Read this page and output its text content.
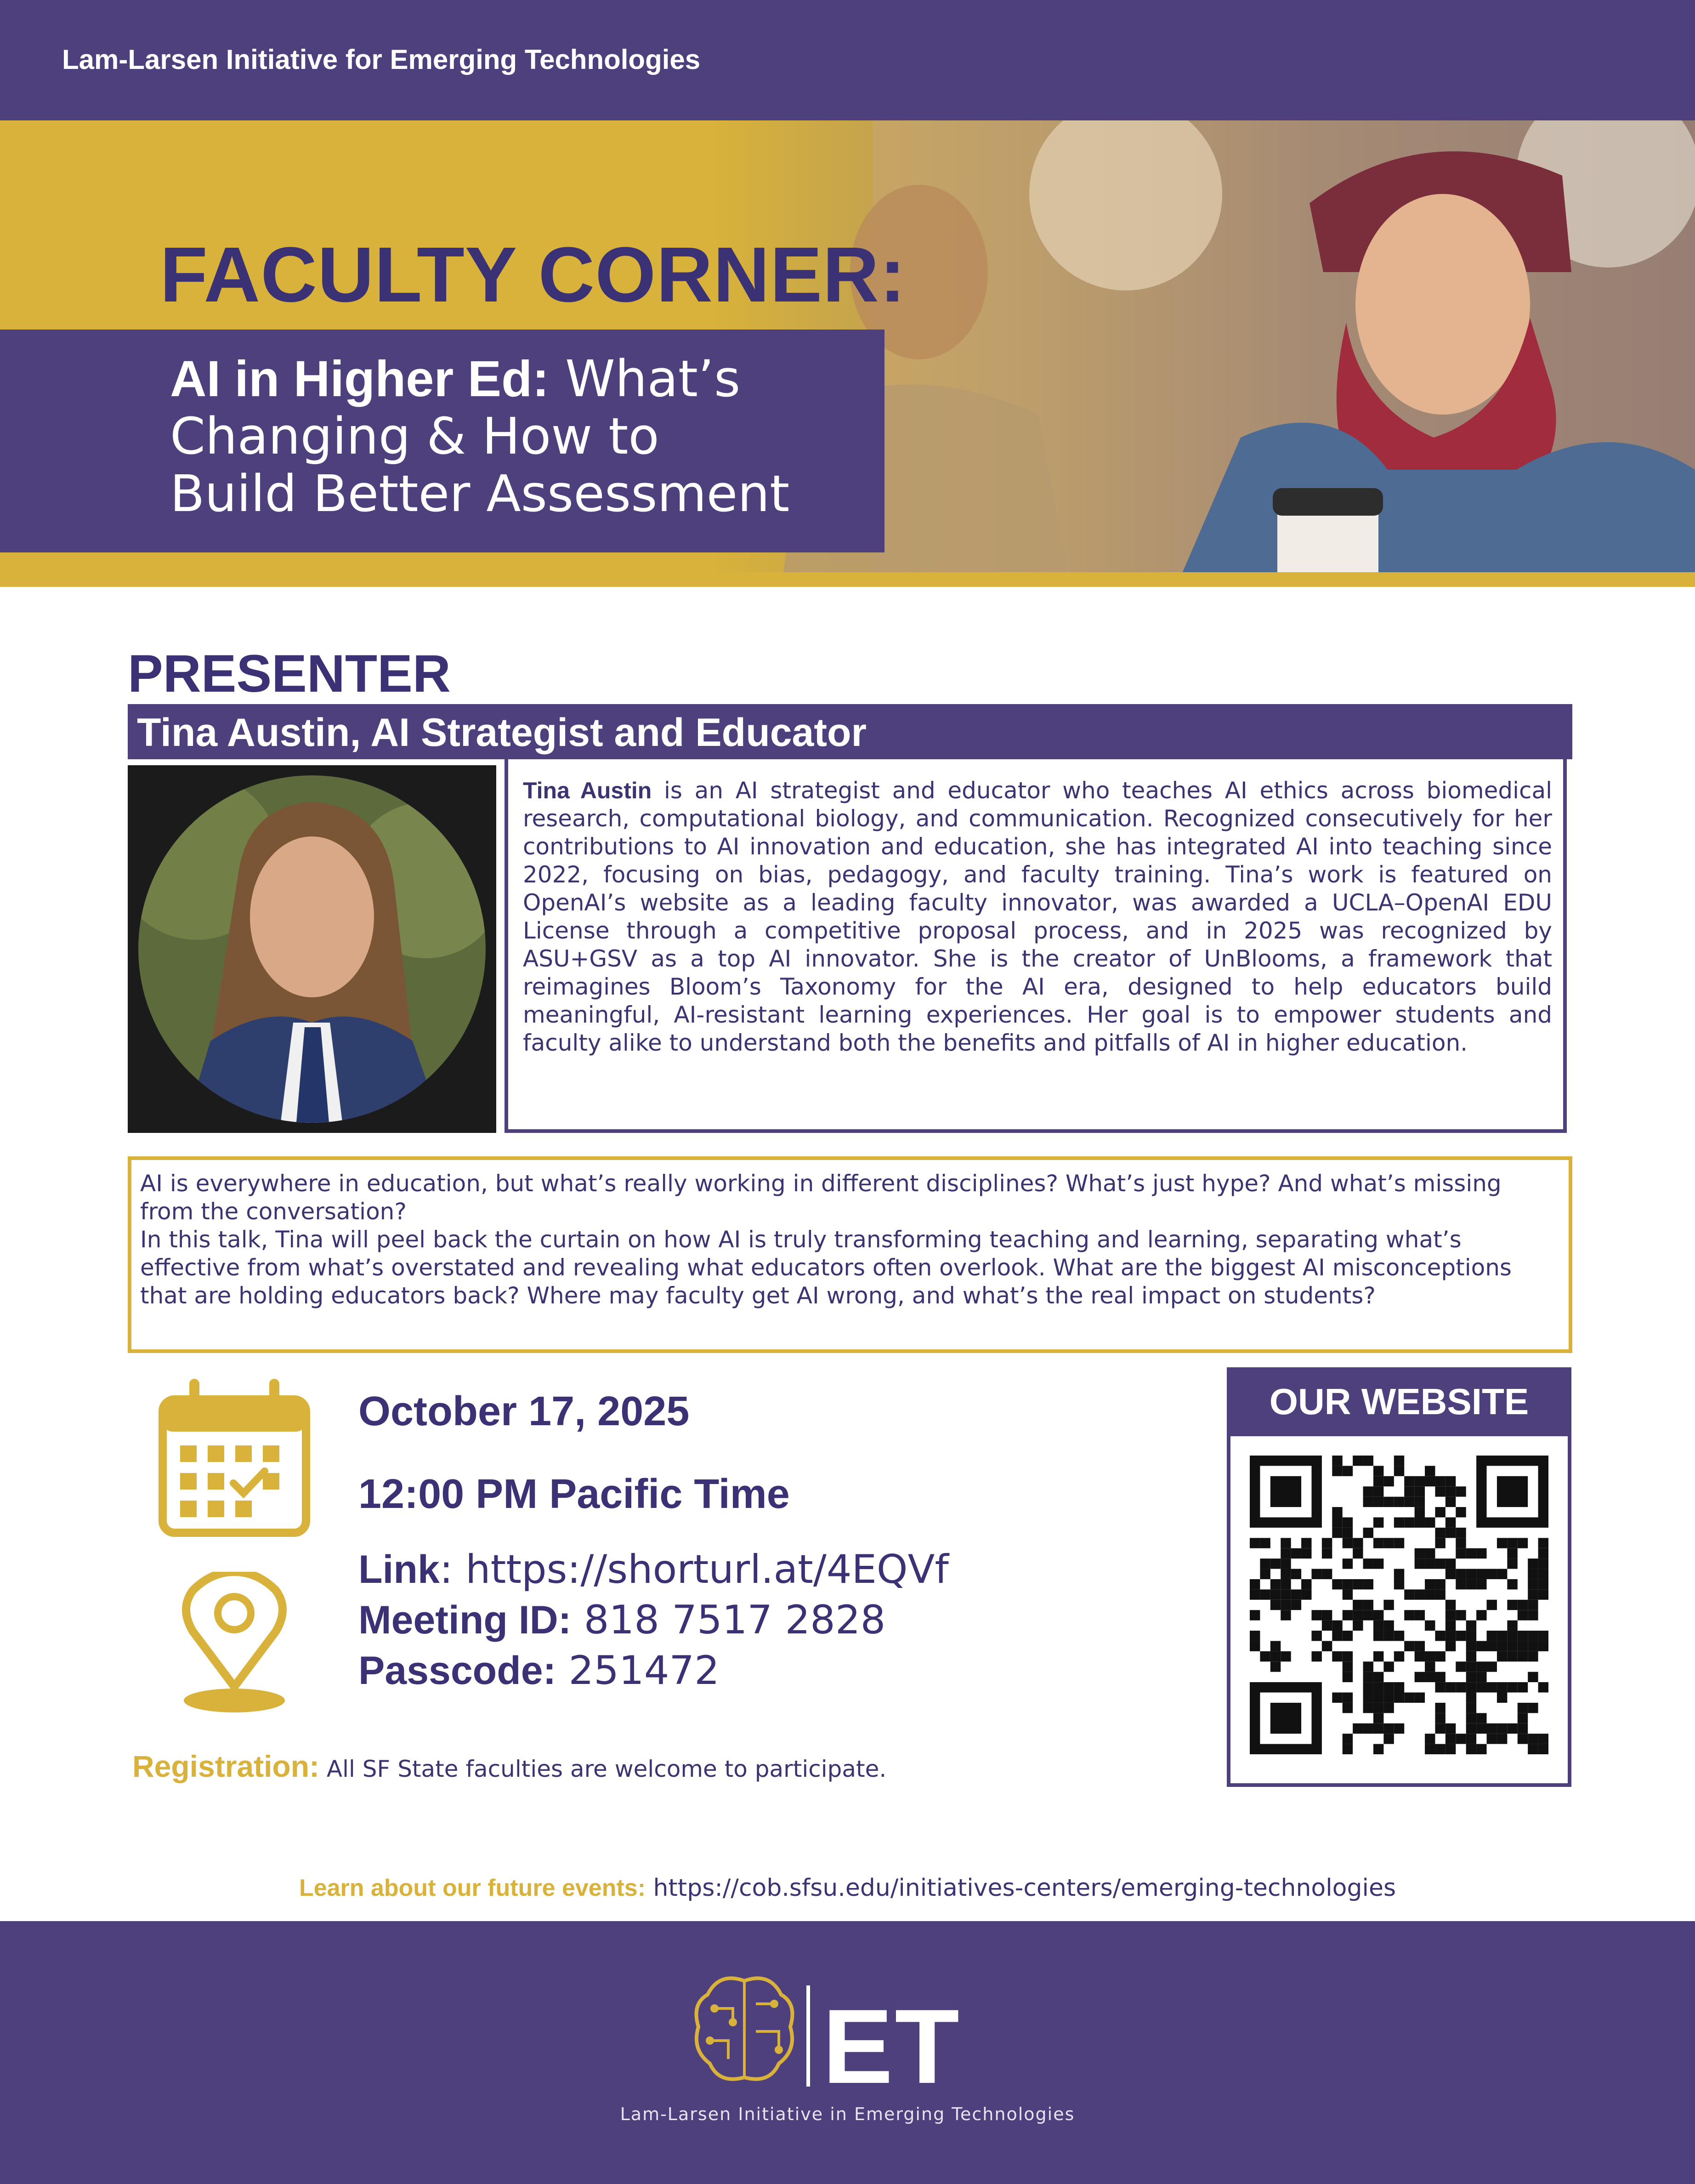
Lam-Larsen Initiative for Emerging Technologies
FACULTY CORNER:
AI in Higher Ed: What’s
Changing & How to
Build Better Assessment
PRESENTER
Tina Austin, AI Strategist and Educator
Tina Austin is an AI strategist and educator who teaches AI ethics across biomedical research, computational biology, and communication. Recognized consecutively for her contributions to AI innovation and education, she has integrated AI into teaching since 2022, focusing on bias, pedagogy, and faculty training. Tina’s work is featured on OpenAI’s website as a leading faculty innovator, was awarded a UCLA–OpenAI EDU License through a competitive proposal process, and in 2025 was recognized by ASU+GSV as a top AI innovator. She is the creator of UnBlooms, a framework that reimagines Bloom’s Taxonomy for the AI era, designed to help educators build meaningful, AI-resistant learning experiences. Her goal is to empower students and faculty alike to understand both the benefits and pitfalls of AI in higher education.
AI is everywhere in education, but what’s really working in different disciplines? What’s just hype? And what’s missing from the conversation?
In this talk, Tina will peel back the curtain on how AI is truly transforming teaching and learning, separating what’s effective from what’s overstated and revealing what educators often overlook. What are the biggest AI misconceptions that are holding educators back? Where may faculty get AI wrong, and what’s the real impact on students?
October 17, 2025
12:00 PM Pacific Time
Link: https://shorturl.at/4EQVf
Meeting ID: 818 7517 2828
Passcode: 251472
Registration: All SF State faculties are welcome to participate.
OUR WEBSITE
Learn about our future events: https://cob.sfsu.edu/initiatives-centers/emerging-technologies
ET
Lam-Larsen Initiative in Emerging Technologies
